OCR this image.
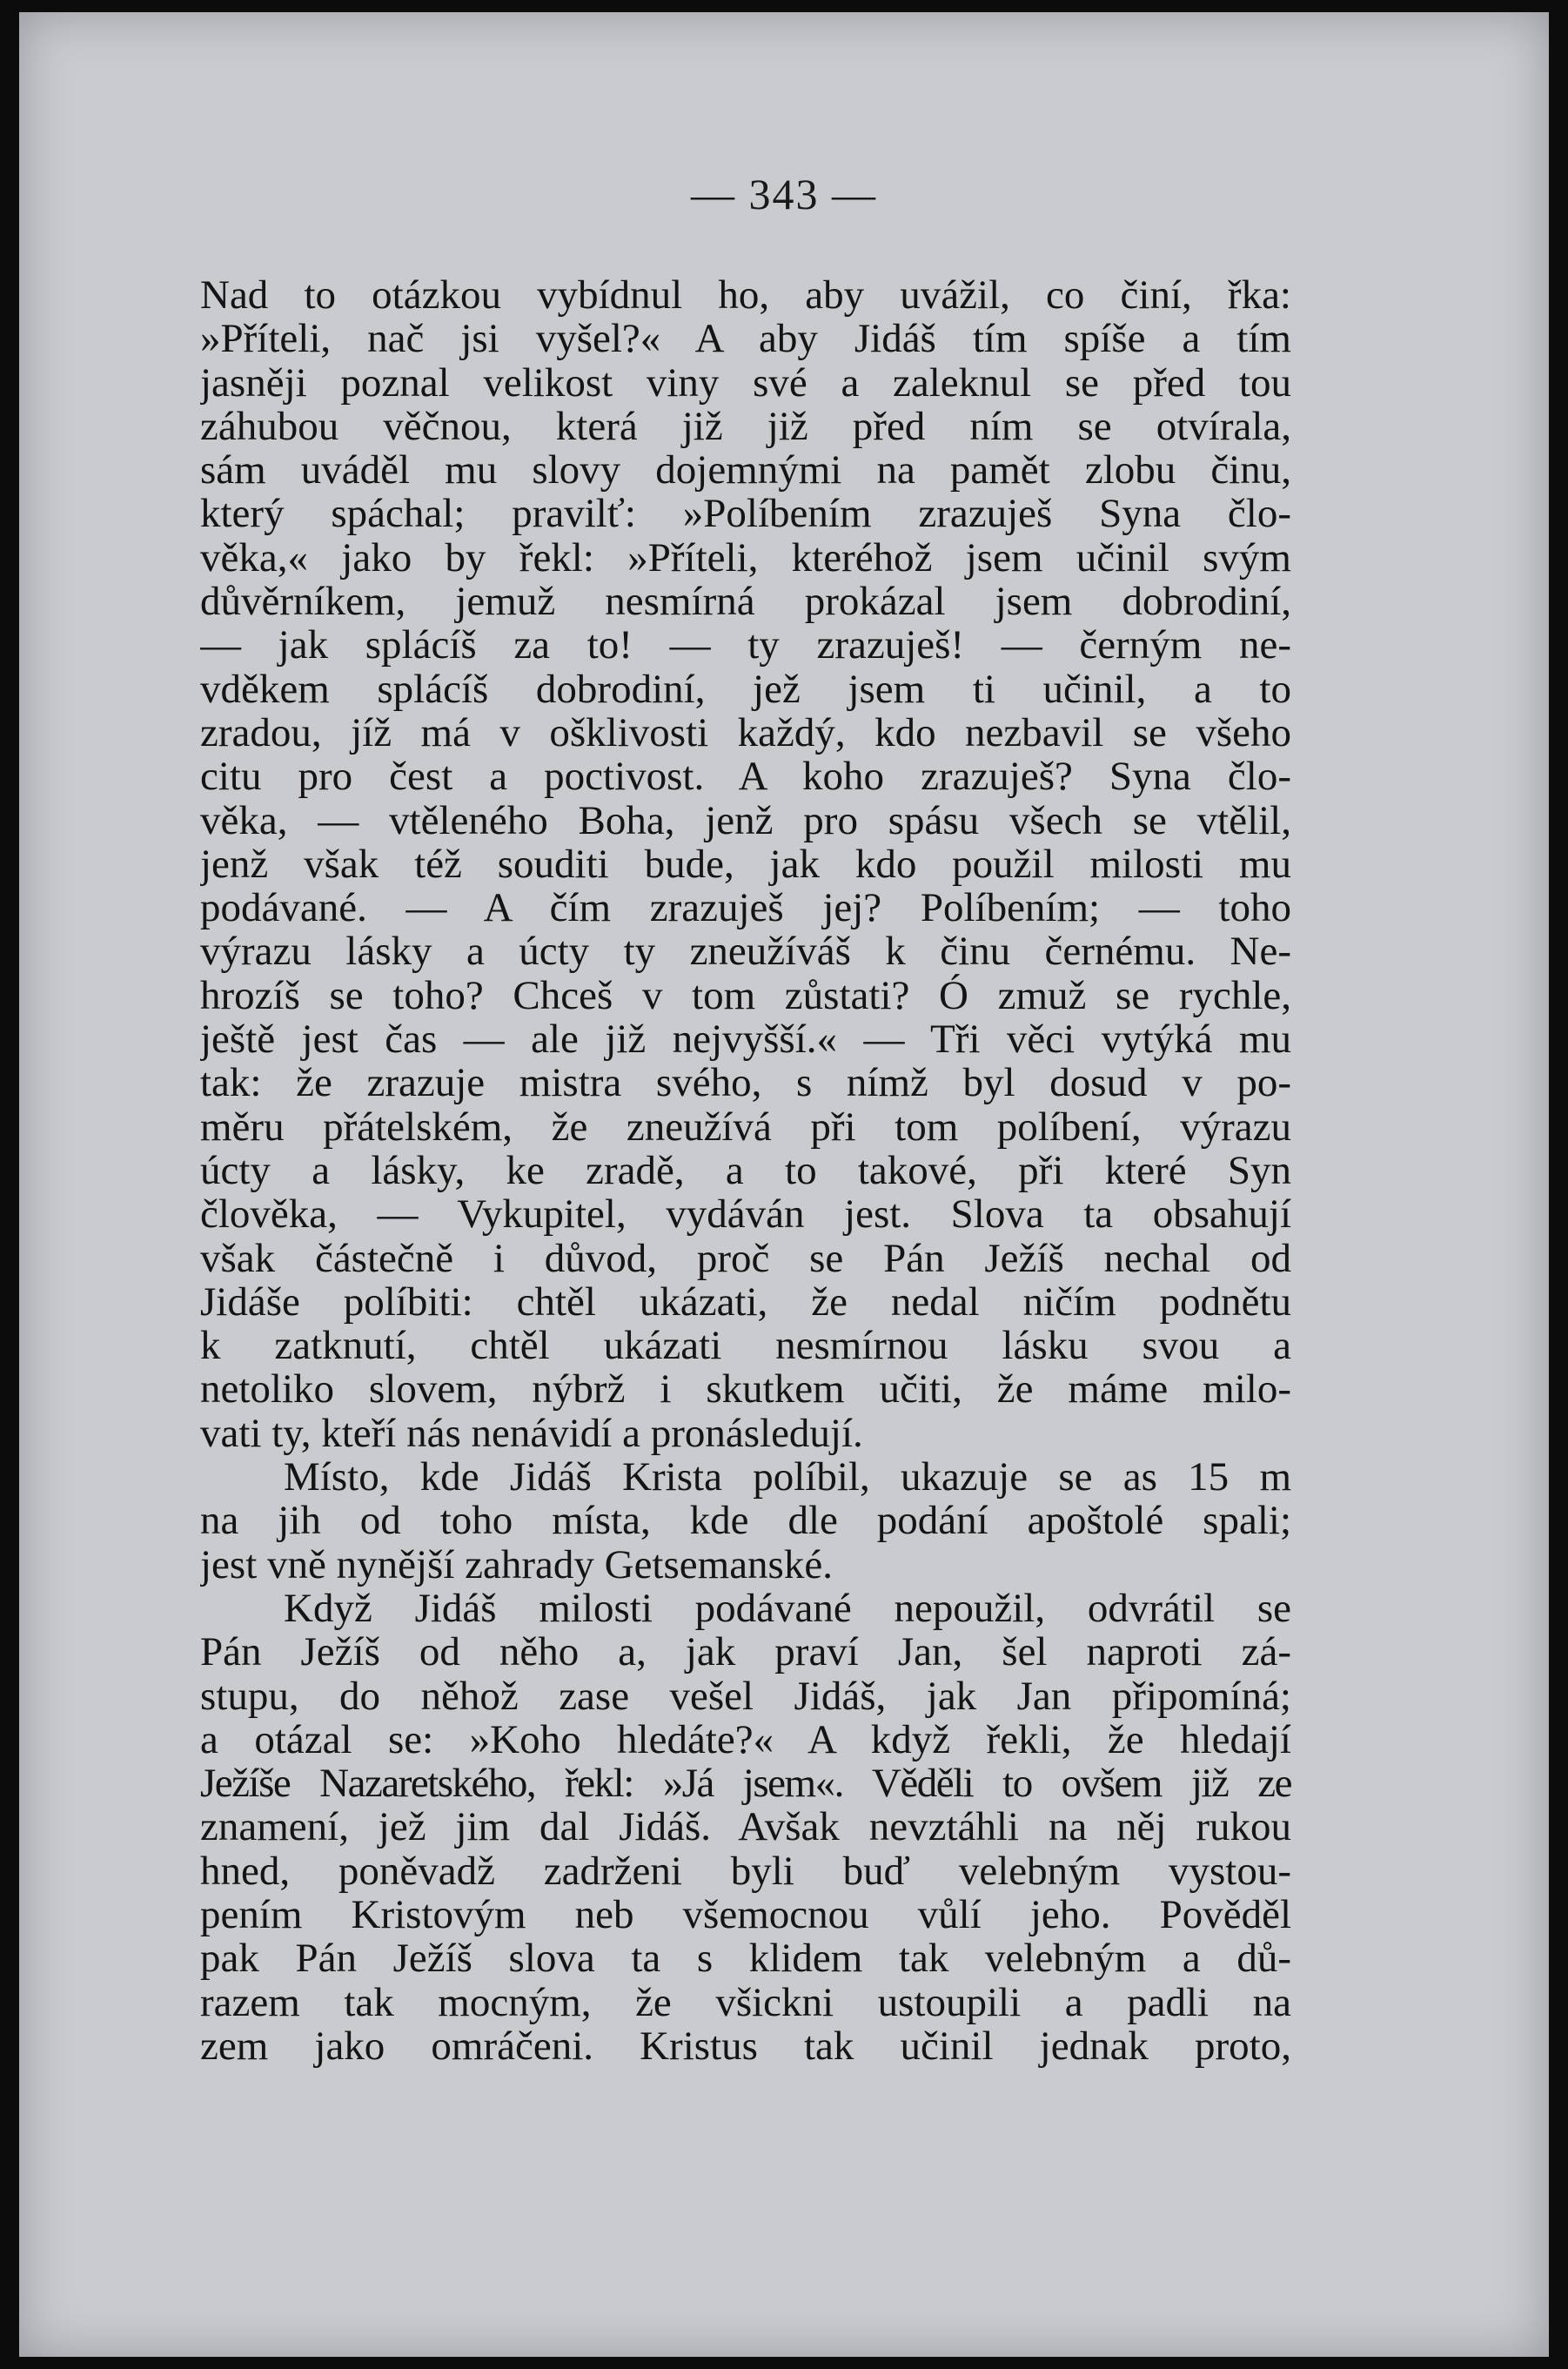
— 343 —
Nad to otázkou vybídnul ho, aby uvážil, co činí, řka:
»Příteli, nač jsi vyšel?« A aby Jidáš tím spíše a tím
jasněji poznal velikost viny své a zaleknul se před tou
záhubou věčnou, která již již před ním se otvírala,
sám uváděl mu slovy dojemnými na pamět zlobu činu,
který spáchal; pravilť: »Políbením zrazuješ Syna člo-
věka,« jako by řekl: »Příteli, kteréhož jsem učinil svým
důvěrníkem, jemuž nesmírná prokázal jsem dobrodiní,
— jak splácíš za to! — ty zrazuješ! — černým ne-
vděkem splácíš dobrodiní, jež jsem ti učinil, a to
zradou, jíž má v ošklivosti každý, kdo nezbavil se všeho
citu pro čest a poctivost. A koho zrazuješ? Syna člo-
věka, — vtěleného Boha, jenž pro spásu všech se vtělil,
jenž však též souditi bude, jak kdo použil milosti mu
podávané. — A čím zrazuješ jej? Políbením; — toho
výrazu lásky a úcty ty zneužíváš k činu černému. Ne-
hrozíš se toho? Chceš v tom zůstati? Ó zmuž se rychle,
ještě jest čas — ale již nejvyšší.« — Tři věci vytýká mu
tak: že zrazuje mistra svého, s nímž byl dosud v po-
měru přátelském, že zneužívá při tom políbení, výrazu
úcty a lásky, ke zradě, a to takové, při které Syn
člověka, — Vykupitel, vydáván jest. Slova ta obsahují
však částečně i důvod, proč se Pán Ježíš nechal od
Jidáše políbiti: chtěl ukázati, že nedal ničím podnětu
k zatknutí, chtěl ukázati nesmírnou lásku svou a
netoliko slovem, nýbrž i skutkem učiti, že máme milo-
vati ty, kteří nás nenávidí a pronásledují.
Místo, kde Jidáš Krista políbil, ukazuje se as 15 m
na jih od toho místa, kde dle podání apoštolé spali;
jest vně nynější zahrady Getsemanské.
Když Jidáš milosti podávané nepoužil, odvrátil se
Pán Ježíš od něho a, jak praví Jan, šel naproti zá-
stupu, do něhož zase vešel Jidáš, jak Jan připomíná;
a otázal se: »Koho hledáte?« A když řekli, že hledají
Ježíše Nazaretského, řekl: »Já jsem«. Věděli to ovšem již ze
znamení, jež jim dal Jidáš. Avšak nevztáhli na něj rukou
hned, poněvadž zadrženi byli buď velebným vystou-
pením Kristovým neb všemocnou vůlí jeho. Pověděl
pak Pán Ježíš slova ta s klidem tak velebným a dů-
razem tak mocným, že všickni ustoupili a padli na
zem jako omráčeni. Kristus tak učinil jednak proto,
